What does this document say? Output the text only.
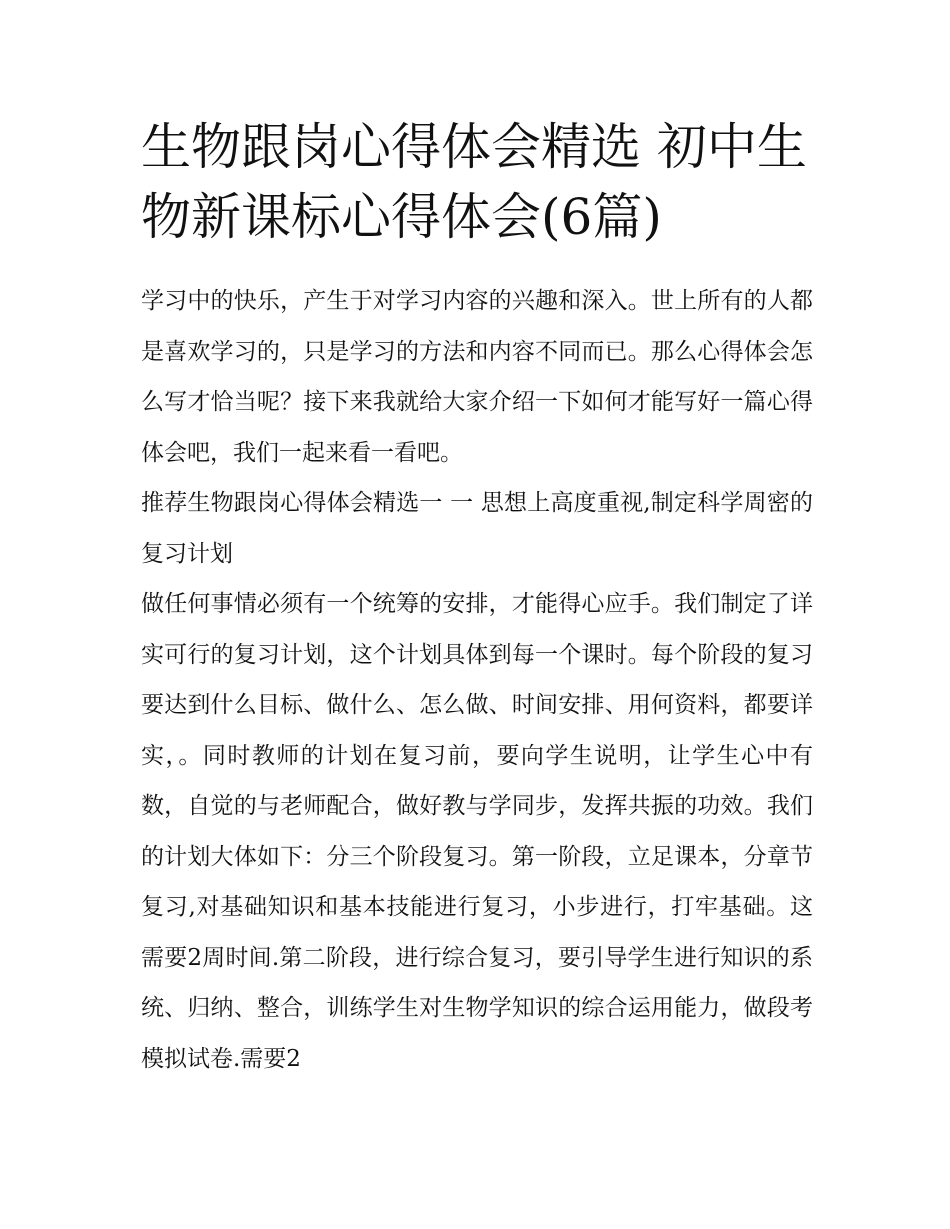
生物跟岗心得体会精选 初中生物新课标心得体会(6篇)

学习中的快乐，产生于对学习内容的兴趣和深入。世上所有的人都是喜欢学习的，只是学习的方法和内容不同而已。那么心得体会怎么写才恰当呢？接下来我就给大家介绍一下如何才能写好一篇心得体会吧，我们一起来看一看吧。

推荐生物跟岗心得体会精选一 一 思想上高度重视,制定科学周密的复习计划

做任何事情必须有一个统筹的安排，才能得心应手。我们制定了详实可行的复习计划，这个计划具体到每一个课时。每个阶段的复习要达到什么目标、做什么、怎么做、时间安排、用何资料，都要详实，。同时教师的计划在复习前，要向学生说明，让学生心中有数，自觉的与老师配合，做好教与学同步，发挥共振的功效。我们的计划大体如下：分三个阶段复习。第一阶段，立足课本，分章节复习,对基础知识和基本技能进行复习，小步进行，打牢基础。这需要2周时间.第二阶段，进行综合复习，要引导学生进行知识的系统、归纳、整合，训练学生对生物学知识的综合运用能力，做段考模拟试卷.需要2
